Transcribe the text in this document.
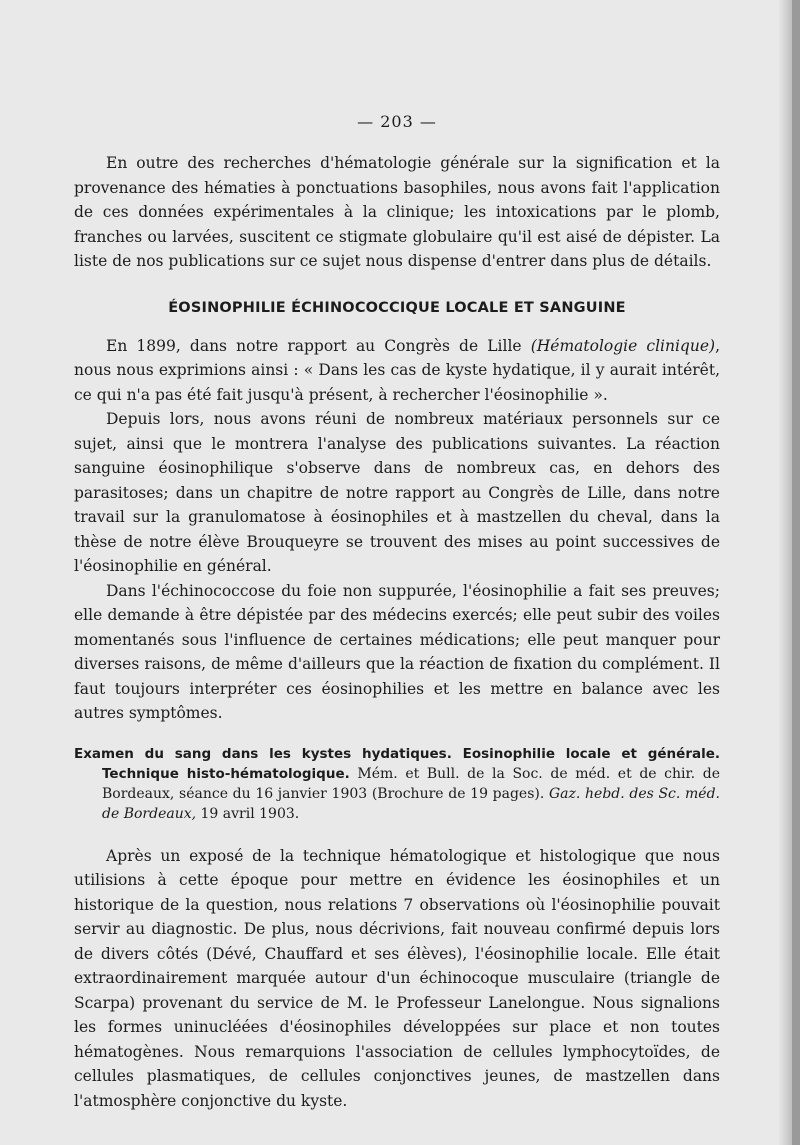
— 203 —

En outre des recherches d'hématologie générale sur la signification et la provenance des hématies à ponctuations basophiles, nous avons fait l'application de ces données expérimentales à la clinique; les intoxications par le plomb, franches ou larvées, suscitent ce stigmate globulaire qu'il est aisé de dépister. La liste de nos publications sur ce sujet nous dispense d'entrer dans plus de détails.

ÉOSINOPHILIE ÉCHINOCOCCIQUE LOCALE ET SANGUINE

En 1899, dans notre rapport au Congrès de Lille (Hématologie clinique), nous nous exprimions ainsi : « Dans les cas de kyste hydatique, il y aurait intérêt, ce qui n'a pas été fait jusqu'à présent, à rechercher l'éosinophilie ».

Depuis lors, nous avons réuni de nombreux matériaux personnels sur ce sujet, ainsi que le montrera l'analyse des publications suivantes. La réaction sanguine éosinophilique s'observe dans de nombreux cas, en dehors des parasitoses; dans un chapitre de notre rapport au Congrès de Lille, dans notre travail sur la granulomatose à éosinophiles et à mastzellen du cheval, dans la thèse de notre élève Brouqueyre se trouvent des mises au point successives de l'éosinophilie en général.

Dans l'échinococcose du foie non suppurée, l'éosinophilie a fait ses preuves; elle demande à être dépistée par des médecins exercés; elle peut subir des voiles momentanés sous l'influence de certaines médications; elle peut manquer pour diverses raisons, de même d'ailleurs que la réaction de fixation du complément. Il faut toujours interpréter ces éosinophilies et les mettre en balance avec les autres symptômes.

Examen du sang dans les kystes hydatiques. Eosinophilie locale et générale. Technique histo-hématologique. Mém. et Bull. de la Soc. de méd. et de chir. de Bordeaux, séance du 16 janvier 1903 (Brochure de 19 pages). Gaz. hebd. des Sc. méd. de Bordeaux, 19 avril 1903.

Après un exposé de la technique hématologique et histologique que nous utilisions à cette époque pour mettre en évidence les éosinophiles et un historique de la question, nous relations 7 observations où l'éosinophilie pouvait servir au diagnostic. De plus, nous décrivions, fait nouveau confirmé depuis lors de divers côtés (Dévé, Chauffard et ses élèves), l'éosinophilie locale. Elle était extraordinairement marquée autour d'un échinocoque musculaire (triangle de Scarpa) provenant du service de M. le Professeur Lanelongue. Nous signalions les formes uninucléées d'éosinophiles développées sur place et non toutes hématogènes. Nous remarquions l'association de cellules lymphocytoïdes, de cellules plasmatiques, de cellules conjonctives jeunes, de mastzellen dans l'atmosphère conjonctive du kyste.
